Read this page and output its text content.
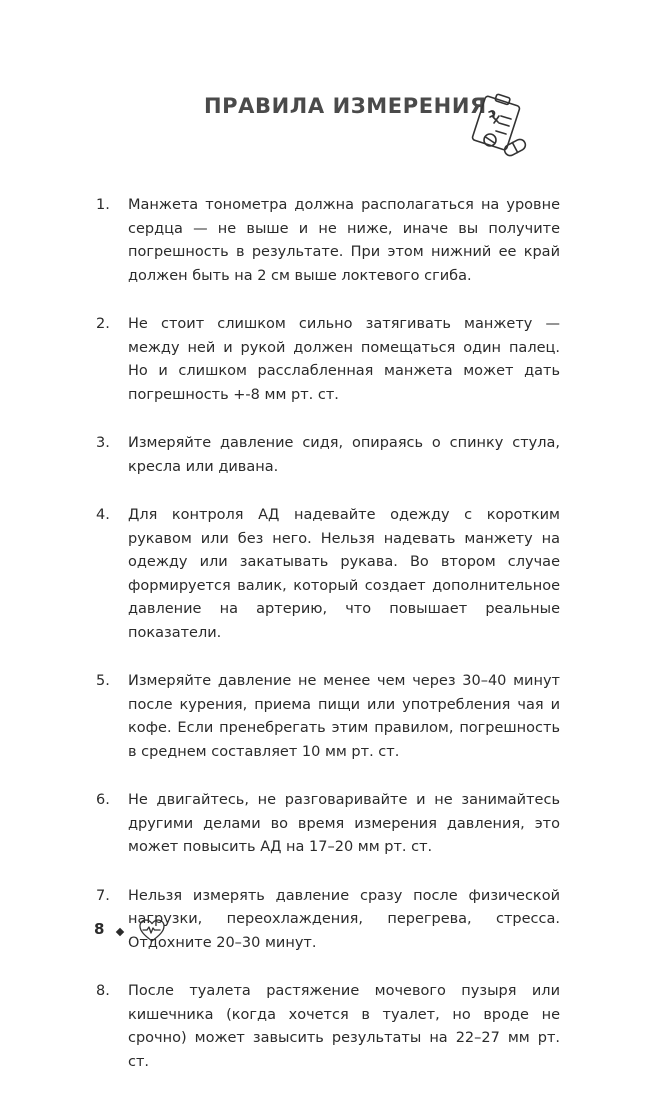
ПРАВИЛА ИЗМЕРЕНИЯ
1.	Манжета тонометра должна располагаться на уровне сердца — не выше и не ниже, иначе вы получите погрешность в результате. При этом нижний ее край должен быть на 2 см выше локтевого сгиба.
2.	Не стоит слишком сильно затягивать манжету — между ней и рукой должен помещаться один палец. Но и слишком расслабленная манжета может дать погрешность +-8 мм рт. ст.
3.	Измеряйте давление сидя, опираясь о спинку стула, кресла или дивана.
4.	Для контроля АД надевайте одежду с коротким рукавом или без него. Нельзя надевать манжету на одежду или закатывать рукава. Во втором случае формируется валик, который создает дополнительное давление на артерию, что повышает реальные показатели.
5.	Измеряйте давление не менее чем через 30–40 минут после курения, приема пищи или употребления чая и кофе. Если пренебрегать этим правилом, погрешность в среднем составляет 10 мм рт. ст.
6.	Не двигайтесь, не разговаривайте и не занимайтесь другими делами во время измерения давления, это может повысить АД на 17–20 мм рт. ст.
7.	Нельзя измерять давление сразу после физической нагрузки, переохлаждения, перегрева, стресса. Отдохните 20–30 минут.
8.	После туалета растяжение мочевого пузыря или кишечника (когда хочется в туалет, но вроде не срочно) может завысить результаты на 22–27 мм рт. ст.
8
